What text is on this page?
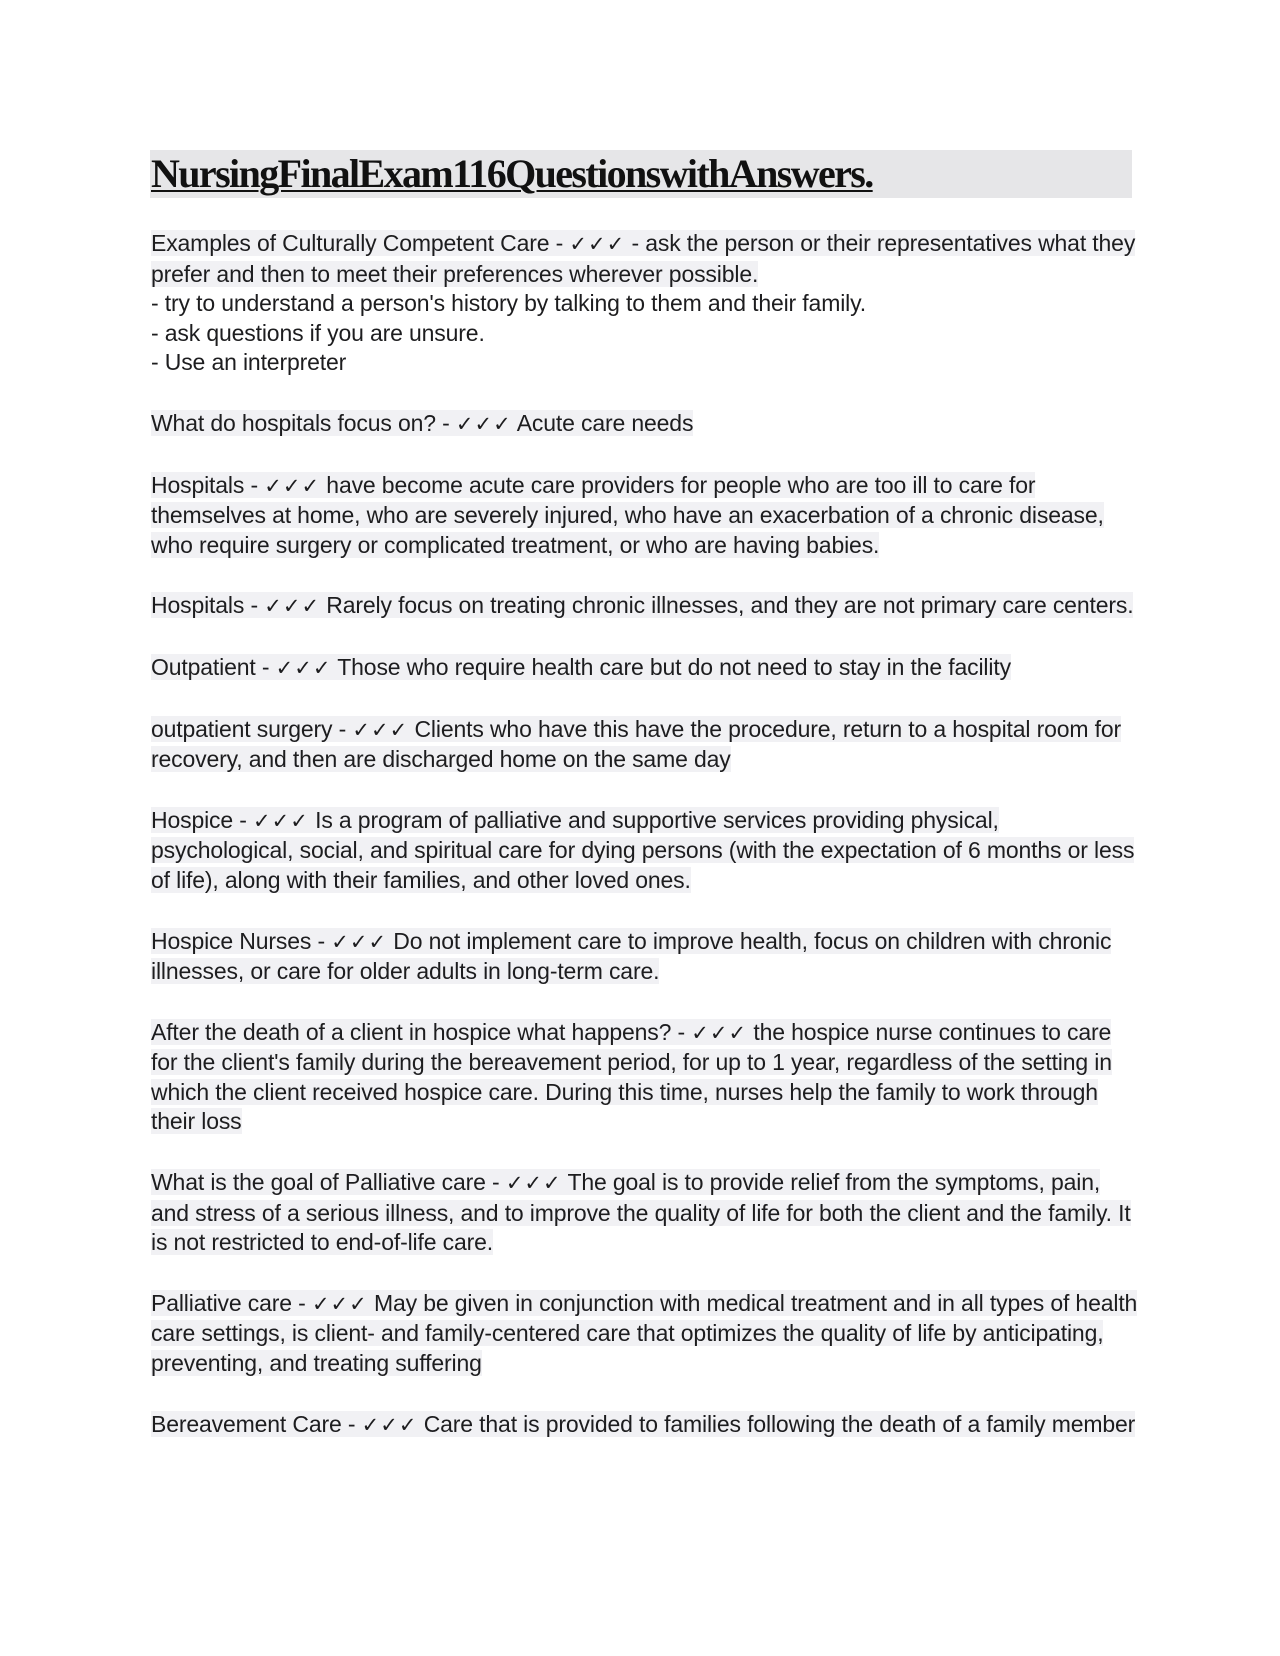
NursingFinalExam116QuestionswithAnswers.

Examples of Culturally Competent Care - ✓✓✓ - ask the person or their representatives what they prefer and then to meet their preferences wherever possible.

- try to understand a person's history by talking to them and their family.
- ask questions if you are unsure.
- Use an interpreter

What do hospitals focus on? - ✓✓✓ Acute care needs

Hospitals - ✓✓✓ have become acute care providers for people who are too ill to care for themselves at home, who are severely injured, who have an exacerbation of a chronic disease, who require surgery or complicated treatment, or who are having babies.

Hospitals - ✓✓✓ Rarely focus on treating chronic illnesses, and they are not primary care centers.

Outpatient - ✓✓✓ Those who require health care but do not need to stay in the facility

outpatient surgery - ✓✓✓ Clients who have this have the procedure, return to a hospital room for recovery, and then are discharged home on the same day

Hospice - ✓✓✓ Is a program of palliative and supportive services providing physical, psychological, social, and spiritual care for dying persons (with the expectation of 6 months or less of life), along with their families, and other loved ones.

Hospice Nurses - ✓✓✓ Do not implement care to improve health, focus on children with chronic illnesses, or care for older adults in long-term care.

After the death of a client in hospice what happens? - ✓✓✓ the hospice nurse continues to care for the client's family during the bereavement period, for up to 1 year, regardless of the setting in which the client received hospice care. During this time, nurses help the family to work through their loss

What is the goal of Palliative care - ✓✓✓ The goal is to provide relief from the symptoms, pain, and stress of a serious illness, and to improve the quality of life for both the client and the family. It is not restricted to end-of-life care.

Palliative care - ✓✓✓ May be given in conjunction with medical treatment and in all types of health care settings, is client- and family-centered care that optimizes the quality of life by anticipating, preventing, and treating suffering

Bereavement Care - ✓✓✓ Care that is provided to families following the death of a family member
